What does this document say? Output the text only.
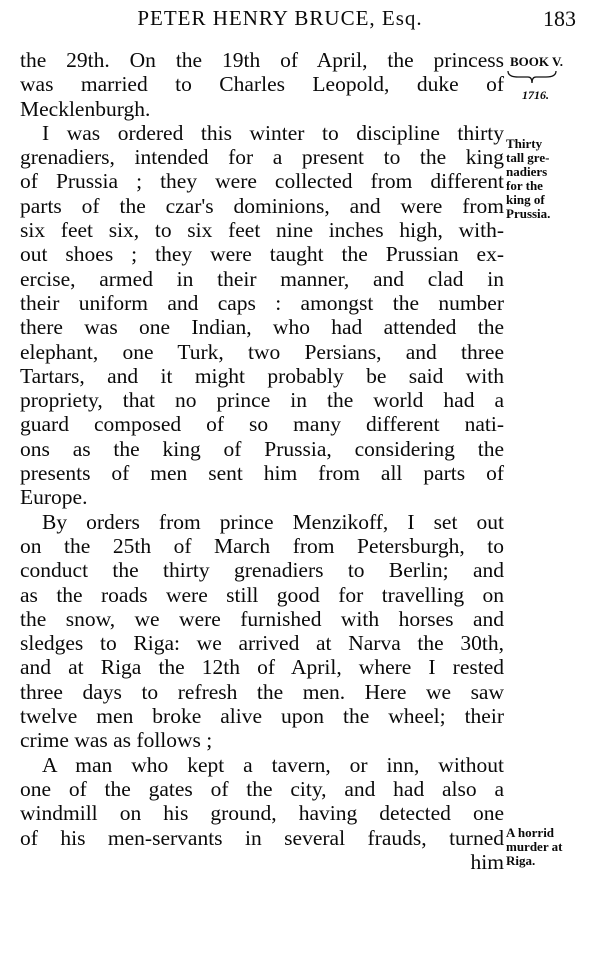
PETER HENRY BRUCE, Esq.	183
the 29th. On the 19th of April, the princess
was married to Charles Leopold, duke of
Mecklenburgh.
I was ordered this winter to discipline thirty
grenadiers, intended for a present to the king
of Prussia ; they were collected from different
parts of the czar's dominions, and were from
six feet six, to six feet nine inches high, with-
out shoes ; they were taught the Prussian ex-
ercise, armed in their manner, and clad in
their uniform and caps : amongst the number
there was one Indian, who had attended the
elephant, one Turk, two Persians, and three
Tartars, and it might probably be said with
propriety, that no prince in the world had a
guard composed of so many different nati-
ons as the king of Prussia, considering the
presents of men sent him from all parts of
Europe.
By orders from prince Menzikoff, I set out
on the 25th of March from Petersburgh, to
conduct the thirty grenadiers to Berlin; and
as the roads were still good for travelling on
the snow, we were furnished with horses and
sledges to Riga: we arrived at Narva the 30th,
and at Riga the 12th of April, where I rested
three days to refresh the men. Here we saw
twelve men broke alive upon the wheel; their
crime was as follows ;
A man who kept a tavern, or inn, without
one of the gates of the city, and had also a
windmill on his ground, having detected one
of his men-servants in several frauds, turned
him
BOOK V.
1716.
Thirty
tall gre-
nadiers
for the
king of
Prussia.
A horrid
murder at
Riga.
